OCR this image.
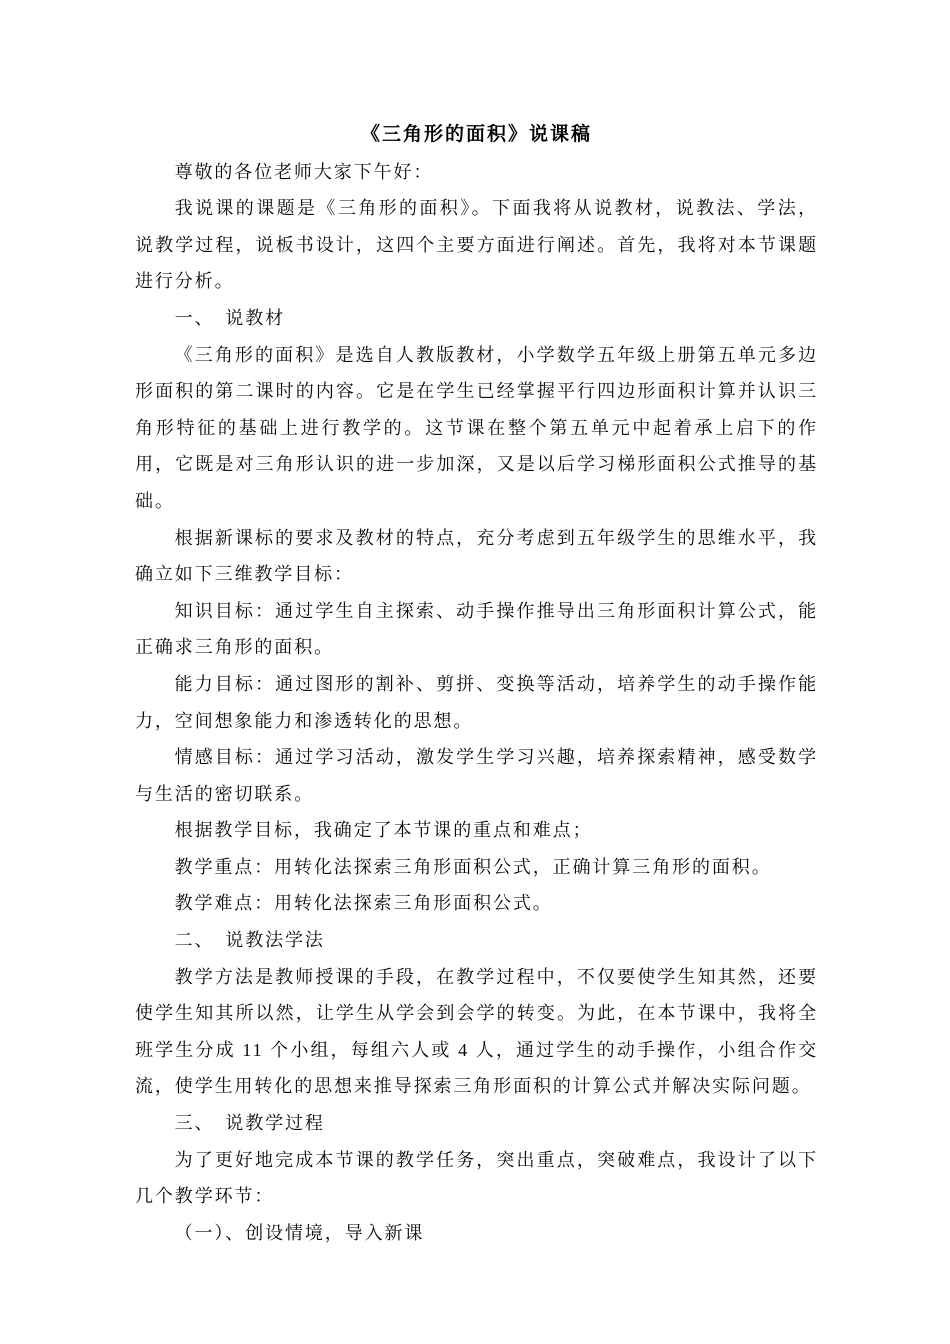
《三角形的面积》说课稿

尊敬的各位老师大家下午好：

我说课的课题是《三角形的面积》。下面我将从说教材，说教法、学法，说教学过程，说板书设计，这四个主要方面进行阐述。首先，我将对本节课题进行分析。

一、　说教材

《三角形的面积》是选自人教版教材，小学数学五年级上册第五单元多边形面积的第二课时的内容。它是在学生已经掌握平行四边形面积计算并认识三角形特征的基础上进行教学的。这节课在整个第五单元中起着承上启下的作用，它既是对三角形认识的进一步加深，又是以后学习梯形面积公式推导的基础。

根据新课标的要求及教材的特点，充分考虑到五年级学生的思维水平，我确立如下三维教学目标：

知识目标：通过学生自主探索、动手操作推导出三角形面积计算公式，能正确求三角形的面积。

能力目标：通过图形的割补、剪拼、变换等活动，培养学生的动手操作能力，空间想象能力和渗透转化的思想。

情感目标：通过学习活动，激发学生学习兴趣，培养探索精神，感受数学与生活的密切联系。

根据教学目标，我确定了本节课的重点和难点；

教学重点：用转化法探索三角形面积公式，正确计算三角形的面积。

教学难点：用转化法探索三角形面积公式。

二、　说教法学法

教学方法是教师授课的手段，在教学过程中，不仅要使学生知其然，还要使学生知其所以然，让学生从学会到会学的转变。为此，在本节课中，我将全班学生分成 11 个小组，每组六人或 4 人，通过学生的动手操作，小组合作交流，使学生用转化的思想来推导探索三角形面积的计算公式并解决实际问题。

三、　说教学过程

为了更好地完成本节课的教学任务，突出重点，突破难点，我设计了以下几个教学环节：

（一）、创设情境，导入新课
